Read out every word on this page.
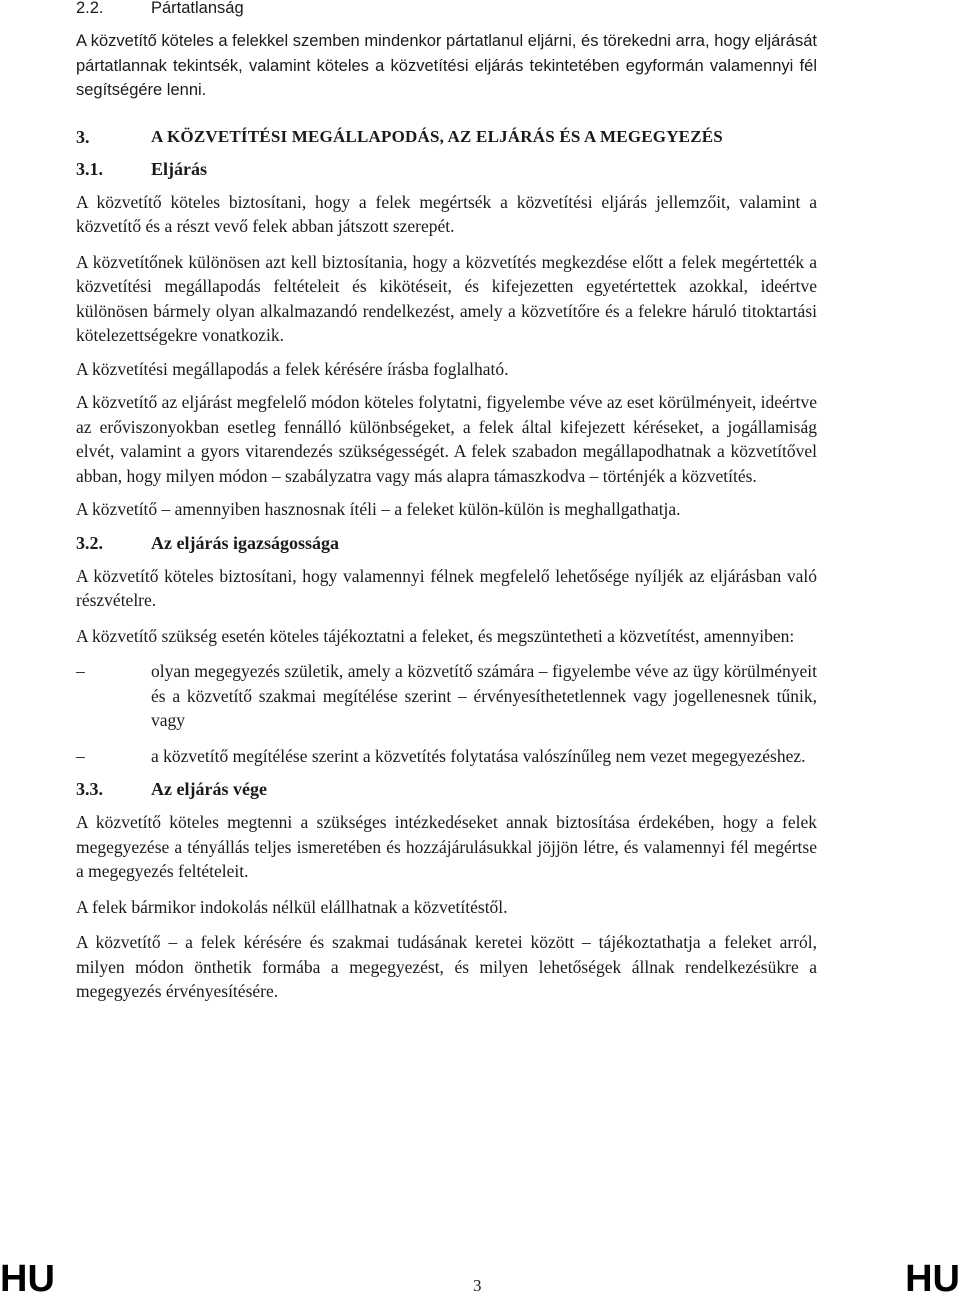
2.2.	Pártatlanság

A közvetítő köteles a felekkel szemben mindenkor pártatlanul eljárni, és törekedni arra, hogy eljárását pártatlannak tekintsék, valamint köteles a közvetítési eljárás tekintetében egyformán valamennyi fél segítségére lenni.

3.	A KÖZVETÍTÉSI MEGÁLLAPODÁS, AZ ELJÁRÁS ÉS A MEGEGYEZÉS
3.1.	Eljárás

A közvetítő köteles biztosítani, hogy a felek megértsék a közvetítési eljárás jellemzőit, valamint a közvetítő és a részt vevő felek abban játszott szerepét.

A közvetítőnek különösen azt kell biztosítania, hogy a közvetítés megkezdése előtt a felek megértették a közvetítési megállapodás feltételeit és kikötéseit, és kifejezetten egyetértettek azokkal, ideértve különösen bármely olyan alkalmazandó rendelkezést, amely a közvetítőre és a felekre háruló titoktartási kötelezettségekre vonatkozik.

A közvetítési megállapodás a felek kérésére írásba foglalható.

A közvetítő az eljárást megfelelő módon köteles folytatni, figyelembe véve az eset körülményeit, ideértve az erőviszonyokban esetleg fennálló különbségeket, a felek által kifejezett kéréseket, a jogállamiság elvét, valamint a gyors vitarendezés szükségességét. A felek szabadon megállapodhatnak a közvetítővel abban, hogy milyen módon – szabályzatra vagy más alapra támaszkodva – történjék a közvetítés.

A közvetítő – amennyiben hasznosnak ítéli – a feleket külön-külön is meghallgathatja.

3.2.	Az eljárás igazságossága

A közvetítő köteles biztosítani, hogy valamennyi félnek megfelelő lehetősége nyíljék az eljárásban való részvételre.

A közvetítő szükség esetén köteles tájékoztatni a feleket, és megszüntetheti a közvetítést, amennyiben:

–	olyan megegyezés születik, amely a közvetítő számára – figyelembe véve az ügy körülményeit és a közvetítő szakmai megítélése szerint – érvényesíthetetlennek vagy jogellenesnek tűnik, vagy
–	a közvetítő megítélése szerint a közvetítés folytatása valószínűleg nem vezet megegyezéshez.
3.3.	Az eljárás vége

A közvetítő köteles megtenni a szükséges intézkedéseket annak biztosítása érdekében, hogy a felek megegyezése a tényállás teljes ismeretében és hozzájárulásukkal jöjjön létre, és valamennyi fél megértse a megegyezés feltételeit.

A felek bármikor indokolás nélkül elállhatnak a közvetítéstől.

A közvetítő – a felek kérésére és szakmai tudásának keretei között – tájékoztathatja a feleket arról, milyen módon önthetik formába a megegyezést, és milyen lehetőségek állnak rendelkezésükre a megegyezés érvényesítésére.

HU	3	HU
